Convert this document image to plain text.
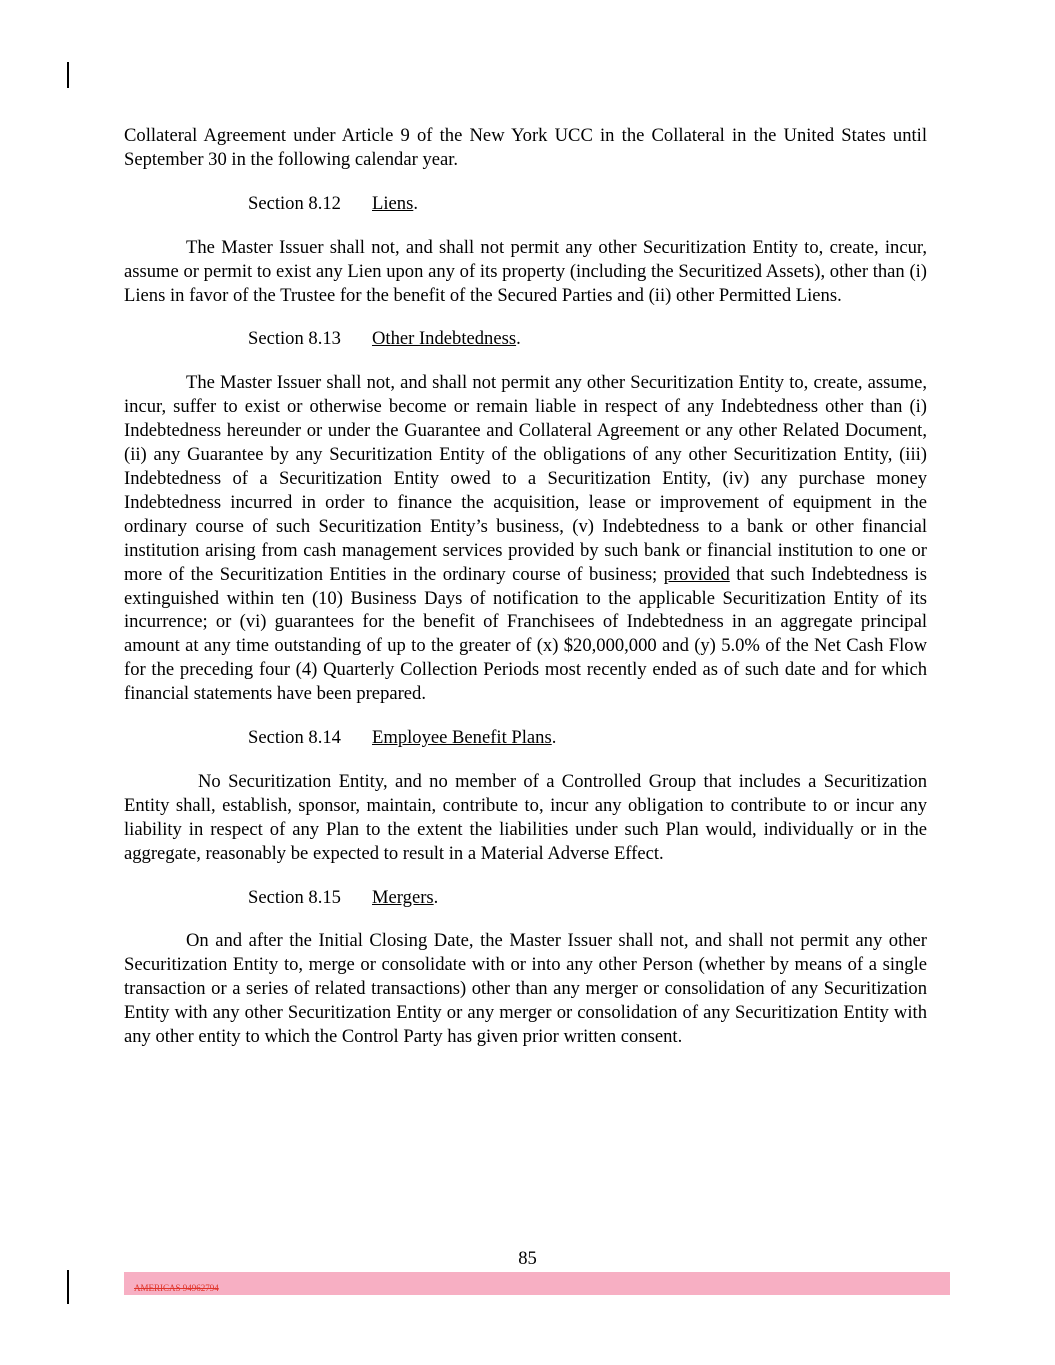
Collateral Agreement under Article 9 of the New York UCC in the Collateral in the United States until September 30 in the following calendar year.

Section 8.12 Liens.

The Master Issuer shall not, and shall not permit any other Securitization Entity to, create, incur, assume or permit to exist any Lien upon any of its property (including the Securitized Assets), other than (i) Liens in favor of the Trustee for the benefit of the Secured Parties and (ii) other Permitted Liens.

Section 8.13 Other Indebtedness.

The Master Issuer shall not, and shall not permit any other Securitization Entity to, create, assume, incur, suffer to exist or otherwise become or remain liable in respect of any Indebtedness other than (i) Indebtedness hereunder or under the Guarantee and Collateral Agreement or any other Related Document, (ii) any Guarantee by any Securitization Entity of the obligations of any other Securitization Entity, (iii) Indebtedness of a Securitization Entity owed to a Securitization Entity, (iv) any purchase money Indebtedness incurred in order to finance the acquisition, lease or improvement of equipment in the ordinary course of such Securitization Entity’s business, (v) Indebtedness to a bank or other financial institution arising from cash management services provided by such bank or financial institution to one or more of the Securitization Entities in the ordinary course of business; provided that such Indebtedness is extinguished within ten (10) Business Days of notification to the applicable Securitization Entity of its incurrence; or (vi) guarantees for the benefit of Franchisees of Indebtedness in an aggregate principal amount at any time outstanding of up to the greater of (x) $20,000,000 and (y) 5.0% of the Net Cash Flow for the preceding four (4) Quarterly Collection Periods most recently ended as of such date and for which financial statements have been prepared.

Section 8.14 Employee Benefit Plans.

No Securitization Entity, and no member of a Controlled Group that includes a Securitization Entity shall, establish, sponsor, maintain, contribute to, incur any obligation to contribute to or incur any liability in respect of any Plan to the extent the liabilities under such Plan would, individually or in the aggregate, reasonably be expected to result in a Material Adverse Effect.

Section 8.15 Mergers.

On and after the Initial Closing Date, the Master Issuer shall not, and shall not permit any other Securitization Entity to, merge or consolidate with or into any other Person (whether by means of a single transaction or a series of related transactions) other than any merger or consolidation of any Securitization Entity with any other Securitization Entity or any merger or consolidation of any Securitization Entity with any other entity to which the Control Party has given prior written consent.

85
AMERICAS 94962794
